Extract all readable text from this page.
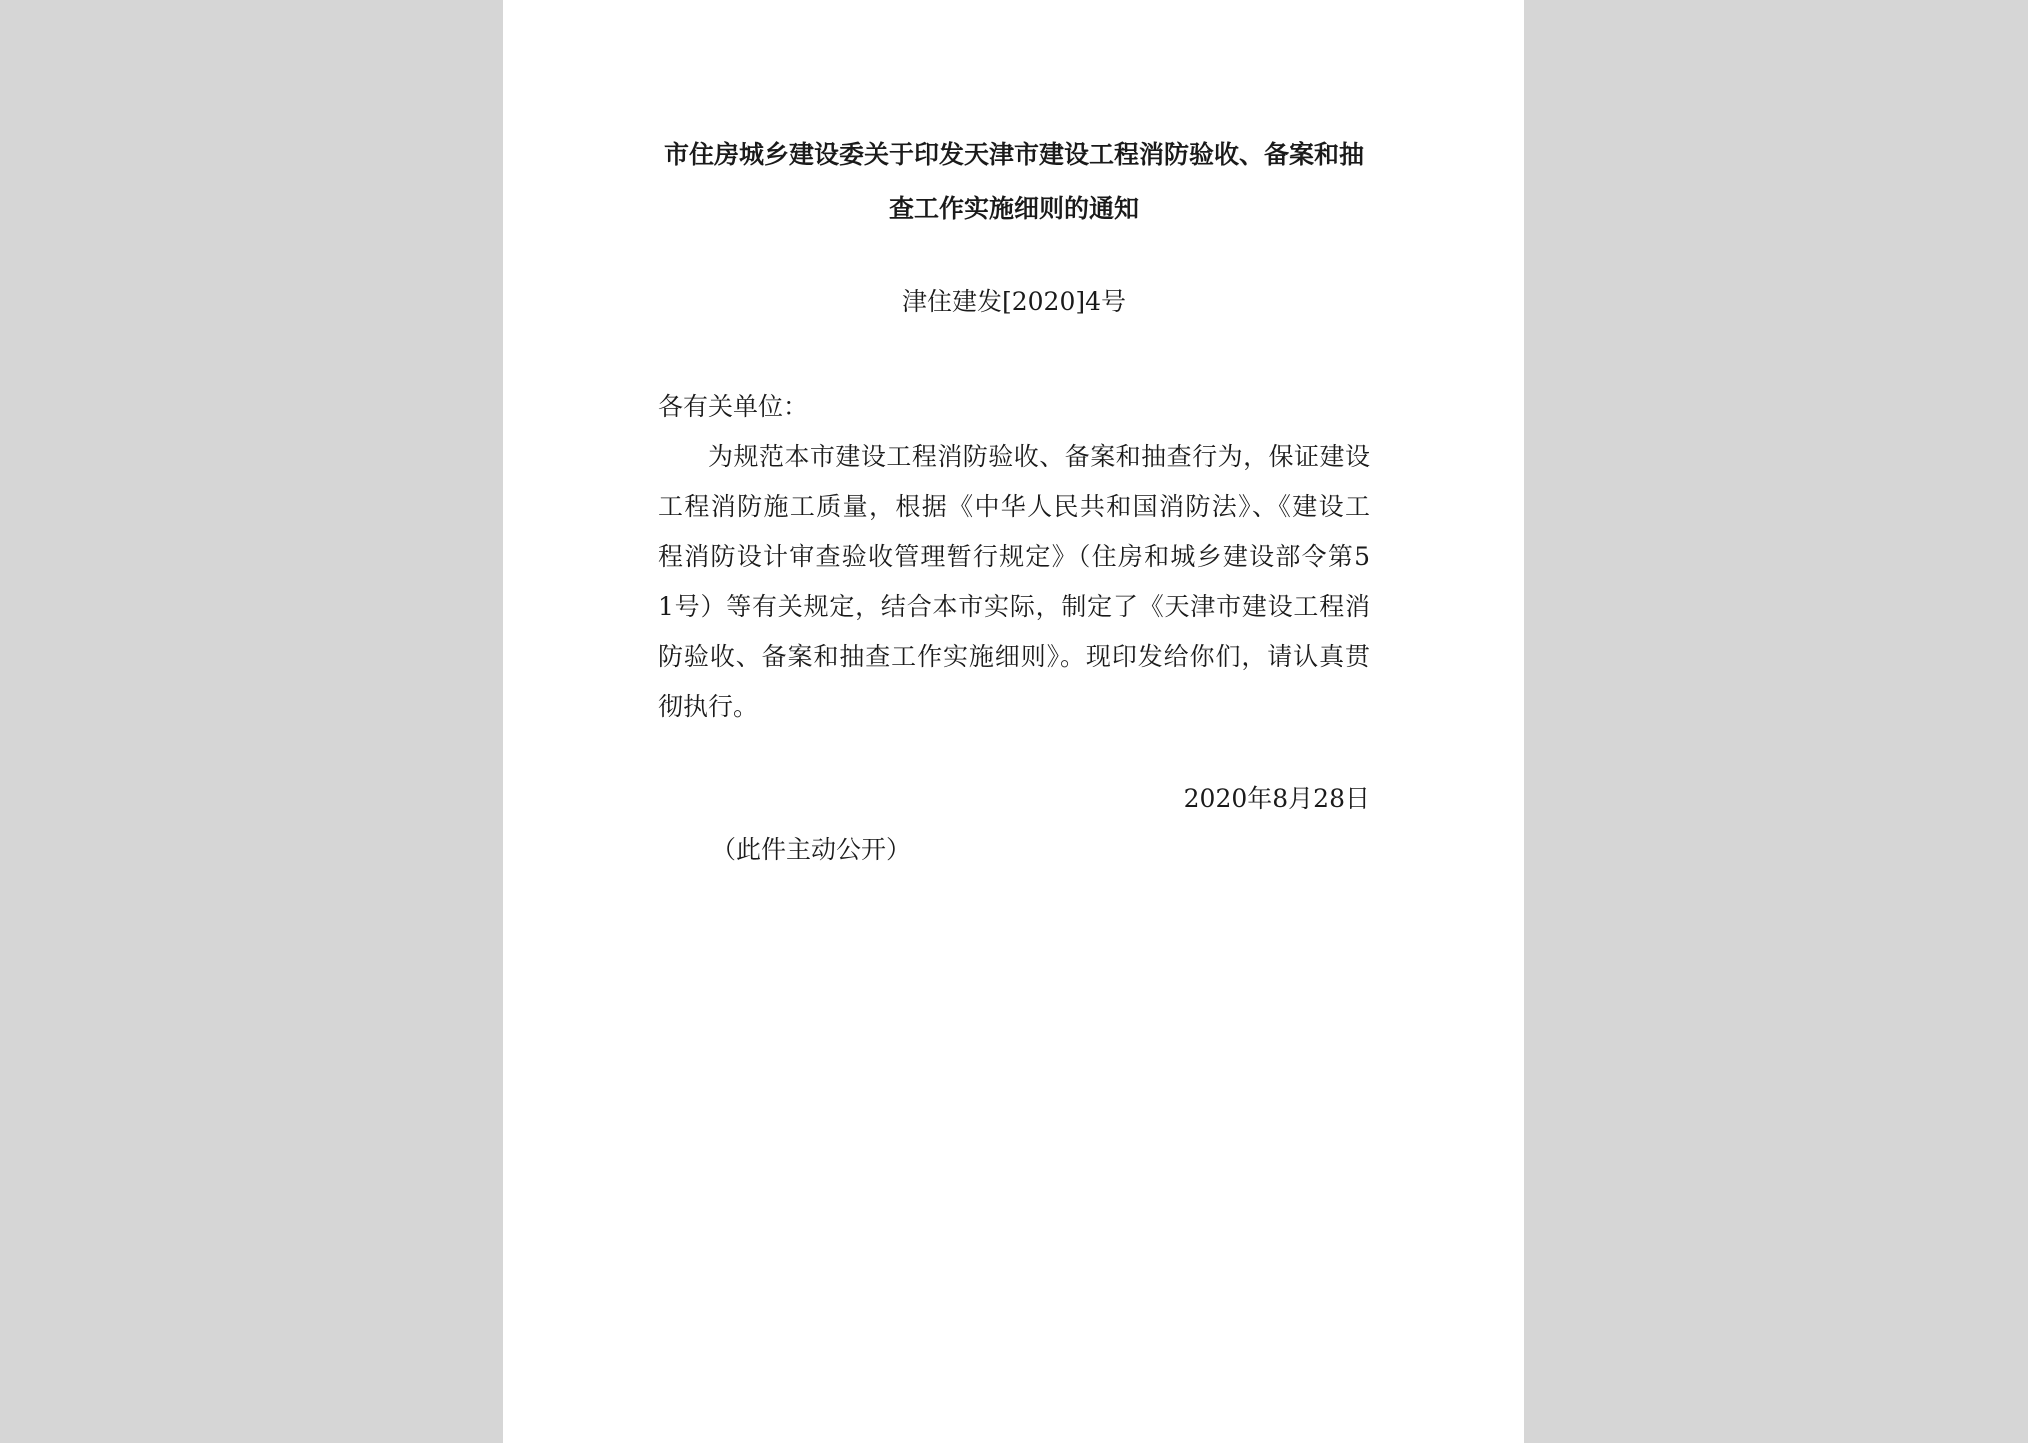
市住房城乡建设委关于印发天津市建设工程消防验收、备案和抽
查工作实施细则的通知
津住建发[2020]4号

各有关单位：

为规范本市建设工程消防验收、备案和抽查行为，保证建设
工程消防施工质量，根据《中华人民共和国消防法》、《建设工
程消防设计审查验收管理暂行规定》（住房和城乡建设部令第5
1号）等有关规定，结合本市实际，制定了《天津市建设工程消
防验收、备案和抽查工作实施细则》。现印发给你们，请认真贯
彻执行。
2020年8月28日
（此件主动公开）
